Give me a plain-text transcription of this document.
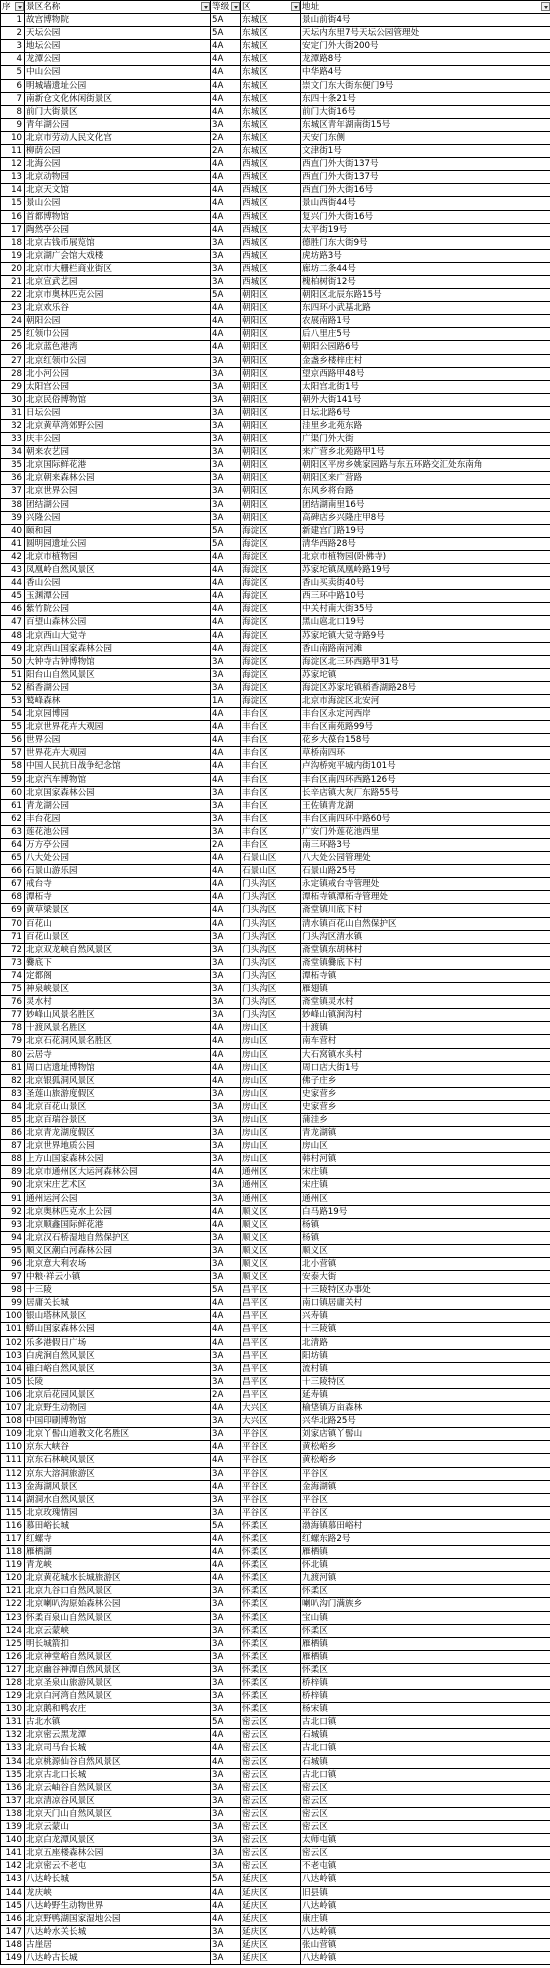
序	景区名称	等级	区	地址

1	故宫博物院	5A	东城区	景山前街4号
2	天坛公园	5A	东城区	天坛内东里7号天坛公园管理处
3	地坛公园	4A	东城区	安定门外大街200号
4	龙潭公园	4A	东城区	龙潭路8号
5	中山公园	4A	东城区	中华路4号
6	明城墙遗址公园	4A	东城区	崇文门东大街东便门9号
7	南新仓文化休闲街景区	4A	东城区	东四十条21号
8	前门大街景区	4A	东城区	前门大街16号
9	青年湖公园	3A	东城区	东城区青年湖南街15号
10	北京市劳动人民文化宫	2A	东城区	天安门东侧
11	柳荫公园	2A	东城区	文津街1号
12	北海公园	4A	西城区	西直门外大街137号
13	北京动物园	4A	西城区	西直门外大街137号
14	北京天文馆	4A	西城区	西直门外大街16号
15	景山公园	4A	西城区	景山西街44号
16	首都博物馆	4A	西城区	复兴门外大街16号
17	陶然亭公园	4A	西城区	太平街19号
18	北京古钱币展览馆	3A	西城区	德胜门东大街9号
19	北京湖广会馆大戏楼	3A	西城区	虎坊路3号
20	北京市大栅栏商业街区	3A	西城区	廊坊二条44号
21	北京宣武艺园	3A	西城区	槐柏树街12号
22	北京市奥林匹克公园	5A	朝阳区	朝阳区北辰东路15号
23	北京欢乐谷	4A	朝阳区	东四环小武基北路
24	朝阳公园	4A	朝阳区	农展南路1号
25	红领巾公园	4A	朝阳区	后八里庄5号
26	北京蓝色港湾	4A	朝阳区	朝阳公园路6号
27	北京红领巾公园	3A	朝阳区	金盏乡楼梓庄村
28	北小河公园	3A	朝阳区	望京西路甲48号
29	太阳宫公园	3A	朝阳区	太阳宫北街1号
30	北京民俗博物馆	3A	朝阳区	朝外大街141号
31	日坛公园	3A	朝阳区	日坛北路6号
32	北京黄草湾郊野公园	3A	朝阳区	洼里乡北苑东路
33	庆丰公园	3A	朝阳区	广渠门外大街
34	朝来农艺园	3A	朝阳区	来广营乡北苑路甲1号
35	北京国际鲜花港	3A	朝阳区	朝阳区平房乡姚家园路与东五环路交汇处东南角
36	北京朝来森林公园	3A	朝阳区	朝阳区来广营路
37	北京世界公园	3A	朝阳区	东风乡将台路
38	团结湖公园	3A	朝阳区	团结湖南里16号
39	兴隆公园	3A	朝阳区	高碑店乡兴隆庄甲8号
40	颐和园	5A	海淀区	新建宫门路19号
41	圆明园遗址公园	5A	海淀区	清华西路28号
42	北京市植物园	4A	海淀区	北京市植物园(卧佛寺)
43	凤凰岭自然风景区	4A	海淀区	苏家坨镇凤凰岭路19号
44	香山公园	4A	海淀区	香山买卖街40号
45	玉渊潭公园	4A	海淀区	西三环中路10号
46	紫竹院公园	4A	海淀区	中关村南大街35号
47	百望山森林公园	4A	海淀区	黑山扈北口19号
48	北京西山大觉寺	4A	海淀区	苏家坨镇大觉寺路9号
49	北京西山国家森林公园	4A	海淀区	香山南路南河滩
50	大钟寺古钟博物馆	3A	海淀区	海淀区北三环西路甲31号
51	阳台山自然风景区	3A	海淀区	苏家坨镇
52	稻香湖公园	3A	海淀区	海淀区苏家坨镇稻香湖路28号
53	鹫峰森林	1A	海淀区	北京市海淀区北安河
54	北京园博园	4A	丰台区	丰台区永定河西岸
55	北京世界花卉大观园	4A	丰台区	丰台区南苑路99号
56	世界公园	4A	丰台区	花乡大葆台158号
57	世界花卉大观园	4A	丰台区	草桥南四环
58	中国人民抗日战争纪念馆	4A	丰台区	卢沟桥宛平城内街101号
59	北京汽车博物馆	4A	丰台区	丰台区南四环西路126号
60	北京国家森林公园	3A	丰台区	长辛店镇大灰厂东路55号
61	青龙湖公园	3A	丰台区	王佐镇青龙湖
62	丰台花园	3A	丰台区	丰台区南四环中路60号
63	莲花池公园	3A	丰台区	广安门外莲花池西里
64	万方亭公园	2A	丰台区	南三环路3号
65	八大处公园	4A	石景山区	八大处公园管理处
66	石景山游乐园	4A	石景山区	石景山路25号
67	戒台寺	4A	门头沟区	永定镇戒台寺管理处
68	潭柘寺	4A	门头沟区	潭柘寺镇潭柘寺管理处
69	黄草梁景区	4A	门头沟区	斋堂镇川底下村
70	百花山	4A	门头沟区	清水镇百花山自然保护区
71	百花山景区	3A	门头沟区	门头沟区清水镇
72	北京双龙峡自然风景区	3A	门头沟区	斋堂镇东胡林村
73	爨底下	3A	门头沟区	斋堂镇爨底下村
74	定都阁	3A	门头沟区	潭柘寺镇
75	神泉峡景区	3A	门头沟区	雁翅镇
76	灵水村	3A	门头沟区	斋堂镇灵水村
77	妙峰山风景名胜区	3A	门头沟区	妙峰山镇涧沟村
78	十渡风景名胜区	4A	房山区	十渡镇
79	北京石花洞风景名胜区	4A	房山区	南车营村
80	云居寺	4A	房山区	大石窝镇水头村
81	周口店遗址博物馆	4A	房山区	周口店大街1号
82	北京银狐洞风景区	4A	房山区	佛子庄乡
83	圣莲山旅游度假区	3A	房山区	史家营乡
84	北京百花山景区	3A	房山区	史家营乡
85	北京百瑞谷景区	3A	房山区	蒲洼乡
86	北京青龙湖度假区	3A	房山区	青龙湖镇
87	北京世界地质公园	3A	房山区	房山区
88	上方山国家森林公园	3A	房山区	韩村河镇
89	北京市通州区大运河森林公园	4A	通州区	宋庄镇
90	北京宋庄艺术区	3A	通州区	宋庄镇
91	通州运河公园	3A	通州区	通州区
92	北京奥林匹克水上公园	4A	顺义区	白马路19号
93	北京顺鑫国际鲜花港	4A	顺义区	杨镇
94	北京汉石桥湿地自然保护区	3A	顺义区	杨镇
95	顺义区潮白河森林公园	3A	顺义区	顺义区
96	北京意大利农场	3A	顺义区	北小营镇
97	中粮·祥云小镇	3A	顺义区	安泰大街
98	十三陵	5A	昌平区	十三陵特区办事处
99	居庸关长城	4A	昌平区	南口镇居庸关村
100	银山塔林风景区	4A	昌平区	兴寿镇
101	蟒山国家森林公园	4A	昌平区	十三陵镇
102	乐多港假日广场	4A	昌平区	北清路
103	白虎涧自然风景区	3A	昌平区	阳坊镇
104	碓臼峪自然风景区	3A	昌平区	流村镇
105	长陵	3A	昌平区	十三陵特区
106	北京后花园风景区	2A	昌平区	延寿镇
107	北京野生动物园	4A	大兴区	榆垡镇万亩森林
108	中国印刷博物馆	3A	大兴区	兴华北路25号
109	北京丫髻山道教文化名胜区	3A	平谷区	刘家店镇丫髻山
110	京东大峡谷	4A	平谷区	黄松峪乡
111	京东石林峡风景区	4A	平谷区	黄松峪乡
112	京东大溶洞旅游区	3A	平谷区	平谷区
113	金海湖风景区	4A	平谷区	金海湖镇
114	湖洞水自然风景区	3A	平谷区	平谷区
115	北京玫瑰情园	3A	平谷区	平谷区
116	慕田峪长城	5A	怀柔区	渤海镇慕田峪村
117	红螺寺	4A	怀柔区	红螺东路2号
118	雁栖湖	4A	怀柔区	雁栖镇
119	青龙峡	4A	怀柔区	怀北镇
120	北京黄花城水长城旅游区	4A	怀柔区	九渡河镇
121	北京九谷口自然风景区	3A	怀柔区	怀柔区
122	北京喇叭沟原始森林公园	3A	怀柔区	喇叭沟门满族乡
123	怀柔百泉山自然风景区	3A	怀柔区	宝山镇
124	北京云蒙峡	3A	怀柔区	怀柔区
125	明长城箭扣	3A	怀柔区	雁栖镇
126	北京神堂峪自然风景区	3A	怀柔区	雁栖镇
127	北京幽谷神潭自然风景区	3A	怀柔区	怀柔区
128	北京圣泉山旅游风景区	3A	怀柔区	桥梓镇
129	北京白河湾自然风景区	3A	怀柔区	桥梓镇
130	北京鹅和鸭农庄	3A	怀柔区	杨宋镇
131	古北水镇	5A	密云区	古北口镇
132	北京密云黑龙潭	4A	密云区	石城镇
133	北京司马台长城	4A	密云区	古北口镇
134	北京桃源仙谷自然风景区	4A	密云区	石城镇
135	北京古北口长城	3A	密云区	古北口镇
136	北京云岫谷自然风景区	3A	密云区	密云区
137	北京清凉谷风景区	3A	密云区	密云区
138	北京天门山自然风景区	3A	密云区	密云区
139	北京云蒙山	3A	密云区	密云区
140	北京白龙潭风景区	3A	密云区	太师屯镇
141	北京五座楼森林公园	3A	密云区	密云区
142	北京密云不老屯	3A	密云区	不老屯镇
143	八达岭长城	5A	延庆区	八达岭镇
144	龙庆峡	4A	延庆区	旧县镇
145	八达岭野生动物世界	4A	延庆区	八达岭镇
146	北京野鸭湖国家湿地公园	4A	延庆区	康庄镇
147	八达岭水关长城	3A	延庆区	八达岭镇
148	古崖居	3A	延庆区	张山营镇
149	八达岭古长城	3A	延庆区	八达岭镇
